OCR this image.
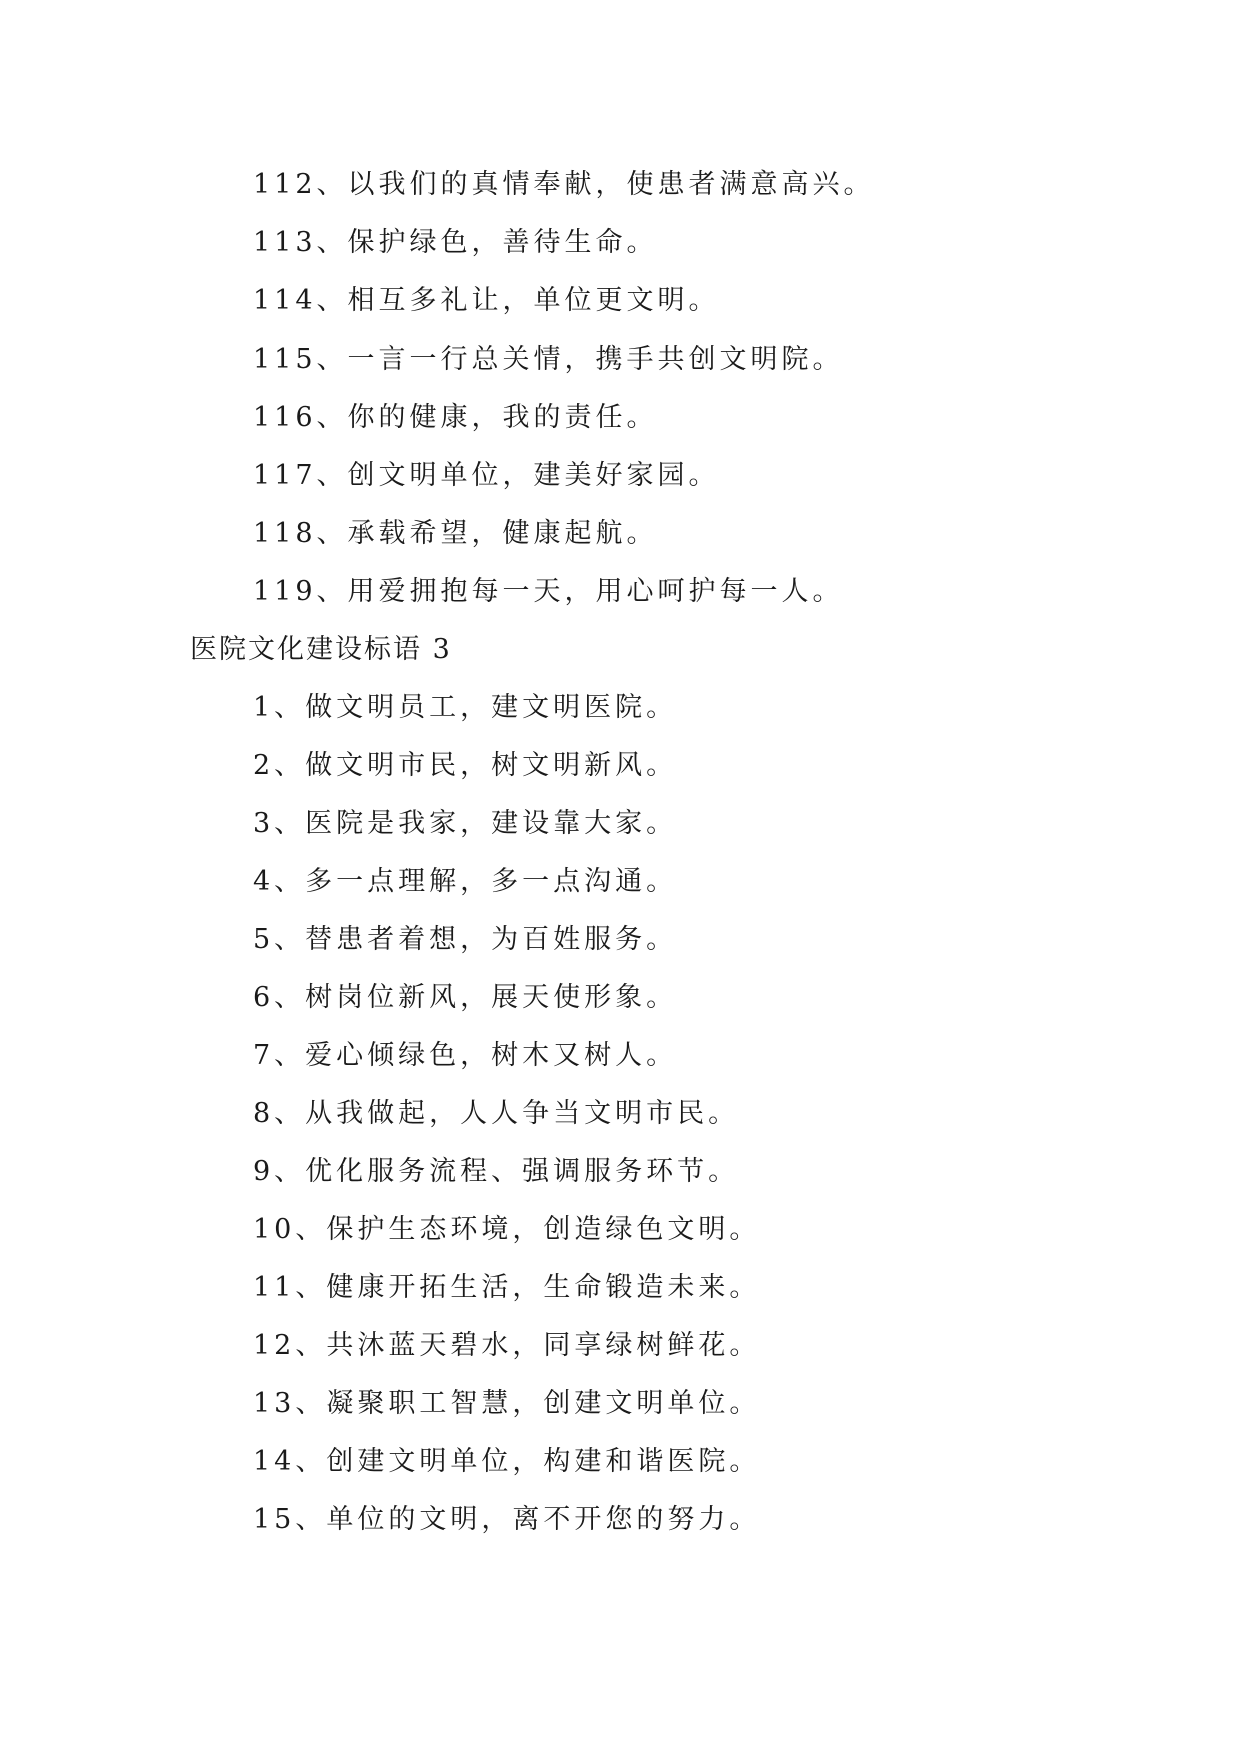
112、以我们的真情奉献，使患者满意高兴。
113、保护绿色，善待生命。
114、相互多礼让，单位更文明。
115、一言一行总关情，携手共创文明院。
116、你的健康，我的责任。
117、创文明单位，建美好家园。
118、承载希望，健康起航。
119、用爱拥抱每一天，用心呵护每一人。
医院文化建设标语 3
1、做文明员工，建文明医院。
2、做文明市民，树文明新风。
3、医院是我家，建设靠大家。
4、多一点理解，多一点沟通。
5、替患者着想，为百姓服务。
6、树岗位新风，展天使形象。
7、爱心倾绿色，树木又树人。
8、从我做起，人人争当文明市民。
9、优化服务流程、强调服务环节。
10、保护生态环境，创造绿色文明。
11、健康开拓生活，生命锻造未来。
12、共沐蓝天碧水，同享绿树鲜花。
13、凝聚职工智慧，创建文明单位。
14、创建文明单位，构建和谐医院。
15、单位的文明，离不开您的努力。
